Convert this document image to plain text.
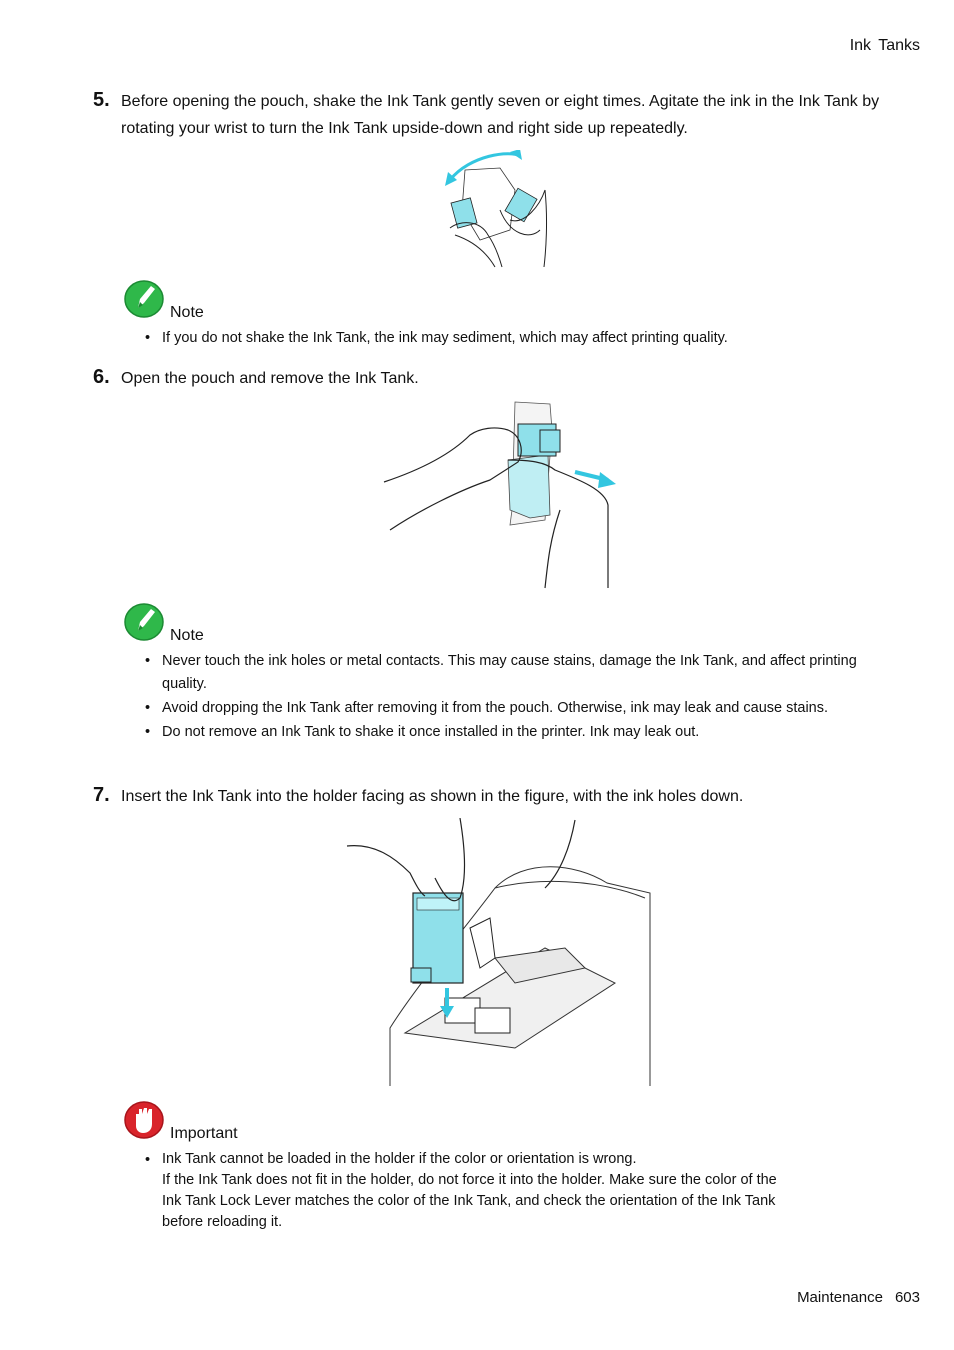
Ink Tanks
5. Before opening the pouch, shake the Ink Tank gently seven or eight times. Agitate the ink in the Ink Tank by rotating your wrist to turn the Ink Tank upside-down and right side up repeatedly.
Note
• If you do not shake the Ink Tank, the ink may sediment, which may affect printing quality.
6. Open the pouch and remove the Ink Tank.
Note
• Never touch the ink holes or metal contacts. This may cause stains, damage the Ink Tank, and affect printing quality.
• Avoid dropping the Ink Tank after removing it from the pouch. Otherwise, ink may leak and cause stains.
• Do not remove an Ink Tank to shake it once installed in the printer. Ink may leak out.
7. Insert the Ink Tank into the holder facing as shown in the figure, with the ink holes down.
Important
• Ink Tank cannot be loaded in the holder if the color or orientation is wrong.
If the Ink Tank does not fit in the holder, do not force it into the holder. Make sure the color of the
Ink Tank Lock Lever matches the color of the Ink Tank, and check the orientation of the Ink Tank
before reloading it.
Maintenance 603
